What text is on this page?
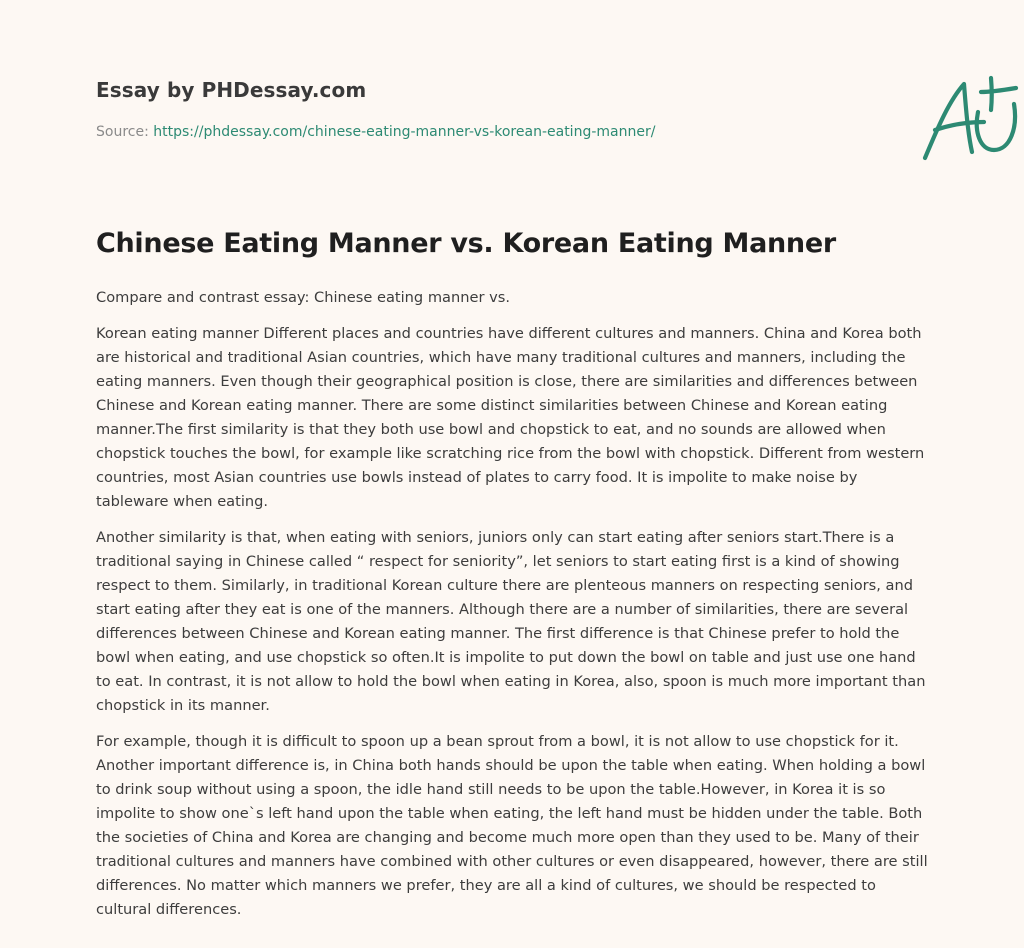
Essay by PHDessay.com
Source: https://phdessay.com/chinese-eating-manner-vs-korean-eating-manner/
Chinese Eating Manner vs. Korean Eating Manner

Compare and contrast essay: Chinese eating manner vs.

Korean eating manner Different places and countries have different cultures and manners. China and Korea both are historical and traditional Asian countries, which have many traditional cultures and manners, including the eating manners. Even though their geographical position is close, there are similarities and differences between Chinese and Korean eating manner. There are some distinct similarities between Chinese and Korean eating manner.The first similarity is that they both use bowl and chopstick to eat, and no sounds are allowed when chopstick touches the bowl, for example like scratching rice from the bowl with chopstick. Different from western countries, most Asian countries use bowls instead of plates to carry food. It is impolite to make noise by tableware when eating.

Another similarity is that, when eating with seniors, juniors only can start eating after seniors start.There is a traditional saying in Chinese called “ respect for seniority”, let seniors to start eating first is a kind of showing respect to them. Similarly, in traditional Korean culture there are plenteous manners on respecting seniors, and start eating after they eat is one of the manners. Although there are a number of similarities, there are several differences between Chinese and Korean eating manner. The first difference is that Chinese prefer to hold the bowl when eating, and use chopstick so often.It is impolite to put down the bowl on table and just use one hand to eat. In contrast, it is not allow to hold the bowl when eating in Korea, also, spoon is much more important than chopstick in its manner.

For example, though it is difficult to spoon up a bean sprout from a bowl, it is not allow to use chopstick for it. Another important difference is, in China both hands should be upon the table when eating. When holding a bowl to drink soup without using a spoon, the idle hand still needs to be upon the table.However, in Korea it is so impolite to show one`s left hand upon the table when eating, the left hand must be hidden under the table. Both the societies of China and Korea are changing and become much more open than they used to be. Many of their traditional cultures and manners have combined with other cultures or even disappeared, however, there are still differences. No matter which manners we prefer, they are all a kind of cultures, we should be respected to cultural differences.
